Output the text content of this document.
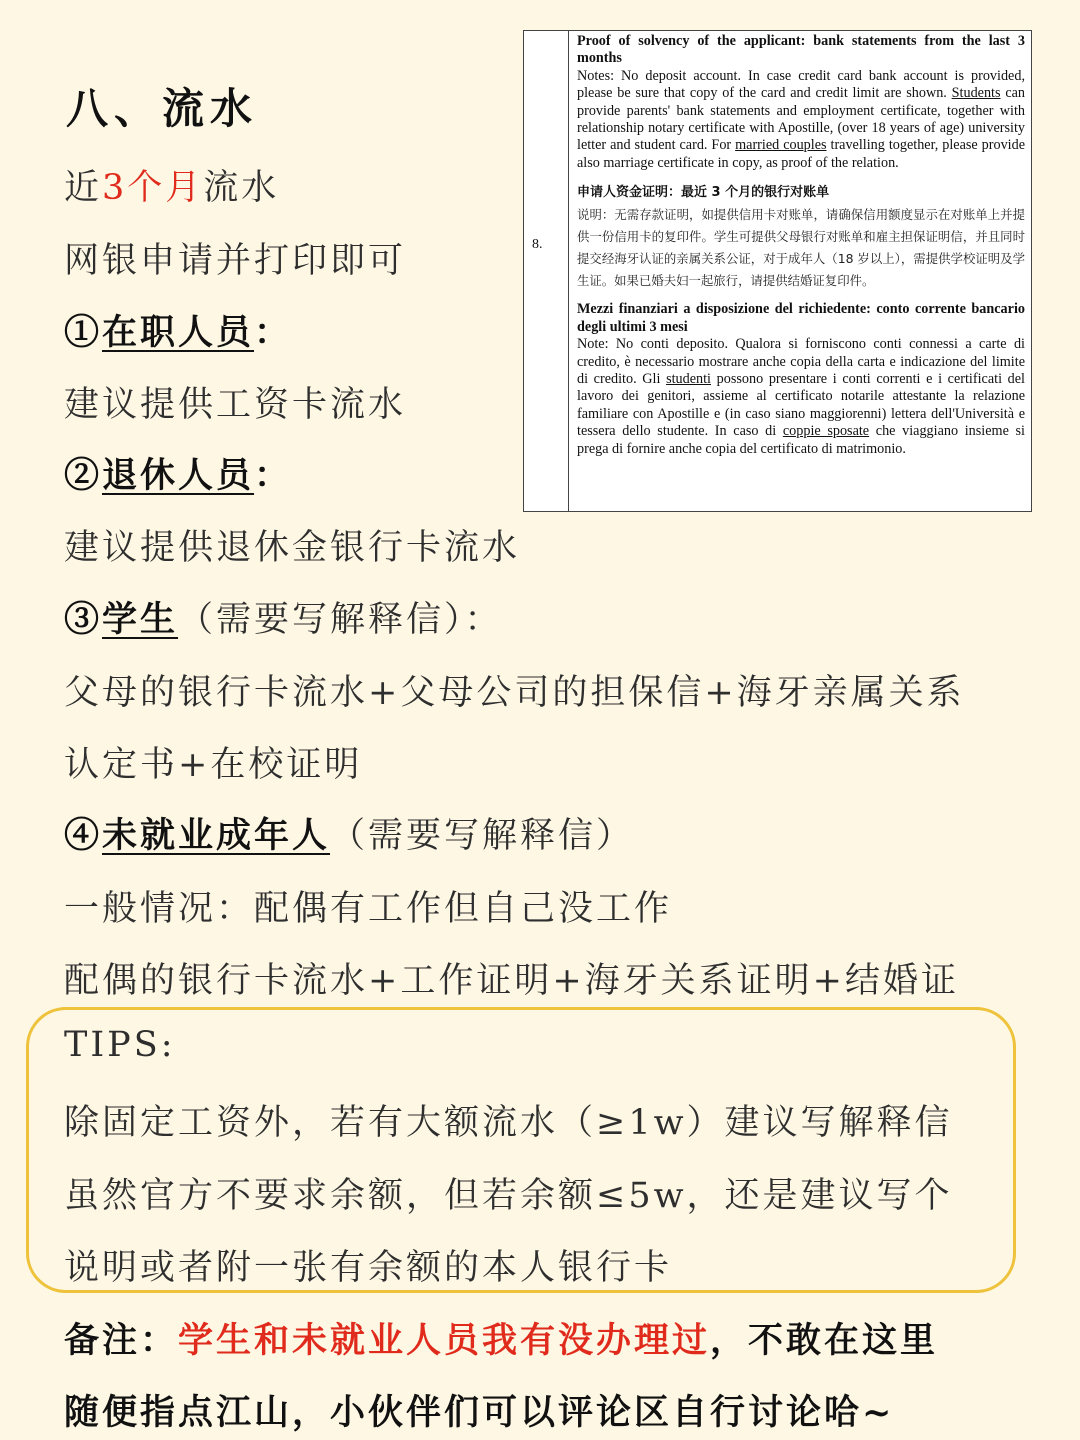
八、流水
近3个月流水
网银申请并打印即可
①在职人员：
建议提供工资卡流水
②退休人员：
建议提供退休金银行卡流水
③学生（需要写解释信）：
父母的银行卡流水+父母公司的担保信+海牙亲属关系
认定书+在校证明
④未就业成年人（需要写解释信）
一般情况：配偶有工作但自己没工作
配偶的银行卡流水+工作证明+海牙关系证明+结婚证
TIPS:
除固定工资外，若有大额流水（≥1w）建议写解释信
虽然官方不要求余额，但若余额≤5w，还是建议写个
说明或者附一张有余额的本人银行卡
备注：学生和未就业人员我有没办理过，不敢在这里
随便指点江山，小伙伴们可以评论区自行讨论哈~
8.

Proof of solvency of the applicant: bank statements from the last 3 months

Notes: No deposit account. In case credit card bank account is provided, please be sure that copy of the card and credit limit are shown. Students can provide parents' bank statements and employment certificate, together with relationship notary certificate with Apostille, (over 18 years of age) university letter and student card. For married couples travelling together, please provide also marriage certificate in copy, as proof of the relation.

申请人资金证明：最近 3 个月的银行对账单

说明：无需存款证明，如提供信用卡对账单，请确保信用额度显示在对账单上并提供一份信用卡的复印件。学生可提供父母银行对账单和雇主担保证明信，并且同时提交经海牙认证的亲属关系公证，对于成年人（18 岁以上），需提供学校证明及学生证。如果已婚夫妇一起旅行，请提供结婚证复印件。

Mezzi finanziari a disposizione del richiedente: conto corrente bancario degli ultimi 3 mesi

Note: No conti deposito. Qualora si forniscono conti connessi a carte di credito, è necessario mostrare anche copia della carta e indicazione del limite di credito. Gli studenti possono presentare i conti correnti e i certificati del lavoro dei genitori, assieme al certificato notarile attestante la relazione familiare con Apostille e (in caso siano maggiorenni) lettera dell'Università e tessera dello studente. In caso di coppie sposate che viaggiano insieme si prega di fornire anche copia del certificato di matrimonio.
